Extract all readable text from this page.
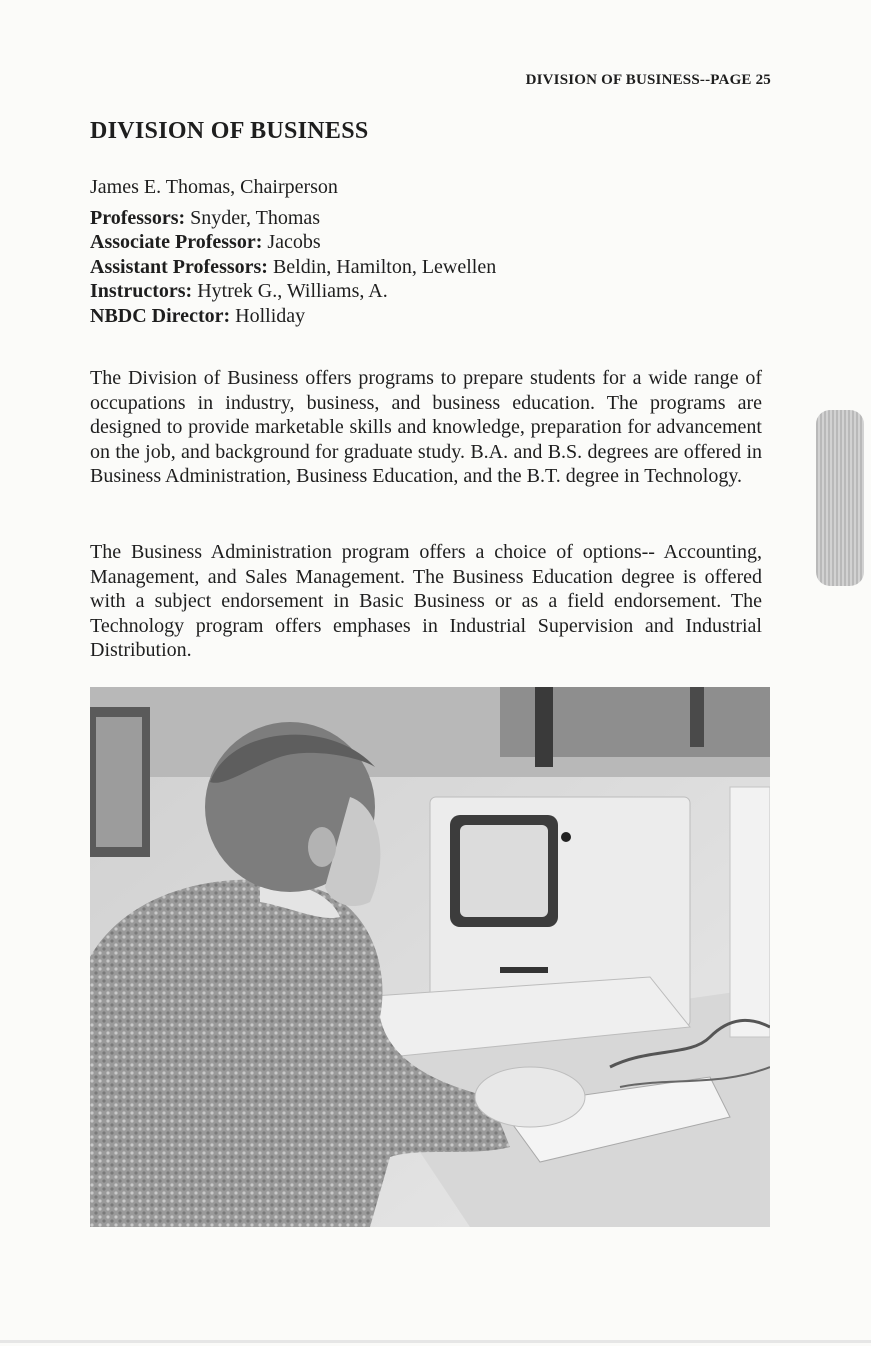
DIVISION OF BUSINESS--PAGE 25
DIVISION OF BUSINESS
James E. Thomas, Chairperson
Professors: Snyder, Thomas
Associate Professor: Jacobs
Assistant Professors: Beldin, Hamilton, Lewellen
Instructors: Hytrek G., Williams, A.
NBDC Director: Holliday

The Division of Business offers programs to prepare students for a wide range of occupations in industry, business, and business education. The programs are designed to provide marketable skills and knowledge, preparation for advancement on the job, and background for graduate study. B.A. and B.S. degrees are offered in Business Administration, Business Education, and the B.T. degree in Technology.

The Business Administration program offers a choice of options-- Accounting, Management, and Sales Management. The Business Education degree is offered with a subject endorsement in Basic Business or as a field endorsement. The Technology program offers emphases in Industrial Supervision and Industrial Distribution.
